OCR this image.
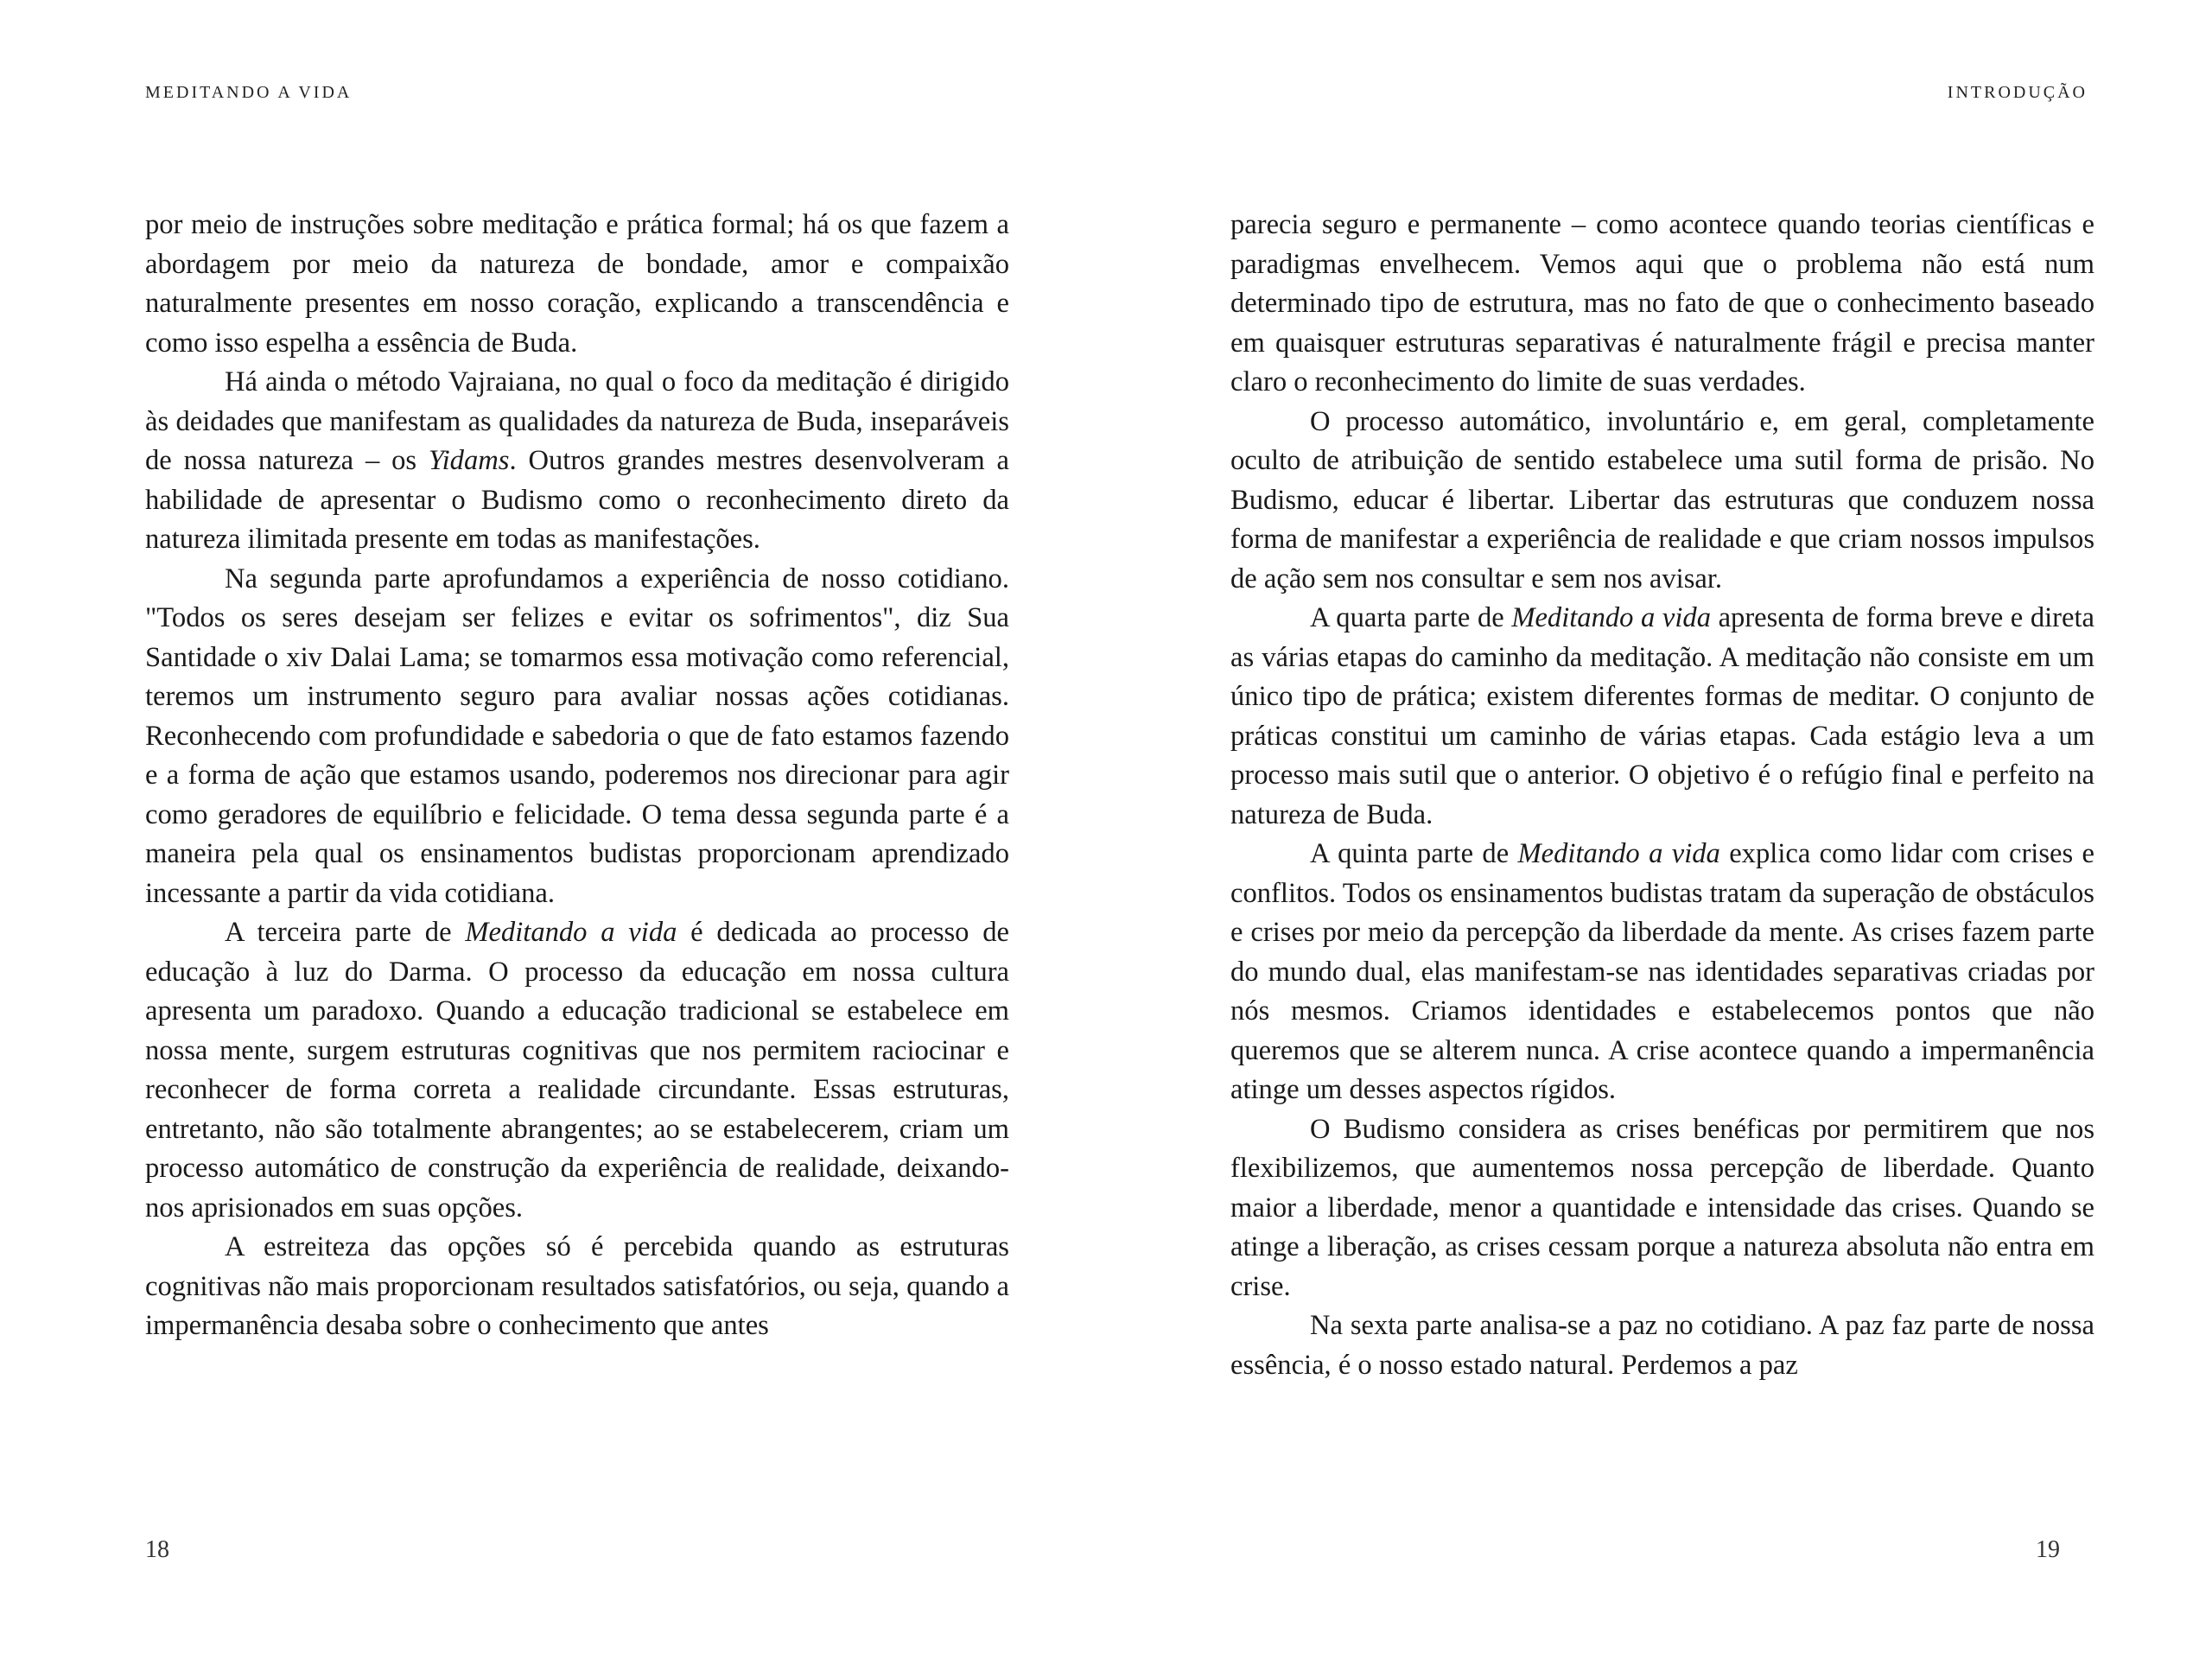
MEDITANDO A VIDA

por meio de instruções sobre meditação e prática formal; há os que fazem a abordagem por meio da natureza de bondade, amor e compaixão naturalmente presentes em nosso coração, explicando a transcendência e como isso espelha a essência de Buda.

Há ainda o método Vajraiana, no qual o foco da meditação é dirigido às deidades que manifestam as qualidades da natureza de Buda, inseparáveis de nossa natureza – os Yidams. Outros grandes mestres desenvolveram a habilidade de apresentar o Budismo como o reconhecimento direto da natureza ilimitada presente em todas as manifestações.

Na segunda parte aprofundamos a experiência de nosso cotidiano. "Todos os seres desejam ser felizes e evitar os sofrimentos", diz Sua Santidade o xiv Dalai Lama; se tomarmos essa motivação como referencial, teremos um instrumento seguro para avaliar nossas ações cotidianas. Reconhecendo com profundidade e sabedoria o que de fato estamos fazendo e a forma de ação que estamos usando, poderemos nos direcionar para agir como geradores de equilíbrio e felicidade. O tema dessa segunda parte é a maneira pela qual os ensinamentos budistas proporcionam aprendizado incessante a partir da vida cotidiana.

A terceira parte de Meditando a vida é dedicada ao processo de educação à luz do Darma. O processo da educação em nossa cultura apresenta um paradoxo. Quando a educação tradicional se estabelece em nossa mente, surgem estruturas cognitivas que nos permitem raciocinar e reconhecer de forma correta a realidade circundante. Essas estruturas, entretanto, não são totalmente abrangentes; ao se estabelecerem, criam um processo automático de construção da experiência de realidade, deixando-nos aprisionados em suas opções.

A estreiteza das opções só é percebida quando as estruturas cognitivas não mais proporcionam resultados satisfatórios, ou seja, quando a impermanência desaba sobre o conhecimento que antes

18
INTRODUÇÃO

parecia seguro e permanente – como acontece quando teorias científicas e paradigmas envelhecem. Vemos aqui que o problema não está num determinado tipo de estrutura, mas no fato de que o conhecimento baseado em quaisquer estruturas separativas é naturalmente frágil e precisa manter claro o reconhecimento do limite de suas verdades.

O processo automático, involuntário e, em geral, completamente oculto de atribuição de sentido estabelece uma sutil forma de prisão. No Budismo, educar é libertar. Libertar das estruturas que conduzem nossa forma de manifestar a experiência de realidade e que criam nossos impulsos de ação sem nos consultar e sem nos avisar.

A quarta parte de Meditando a vida apresenta de forma breve e direta as várias etapas do caminho da meditação. A meditação não consiste em um único tipo de prática; existem diferentes formas de meditar. O conjunto de práticas constitui um caminho de várias etapas. Cada estágio leva a um processo mais sutil que o anterior. O objetivo é o refúgio final e perfeito na natureza de Buda.

A quinta parte de Meditando a vida explica como lidar com crises e conflitos. Todos os ensinamentos budistas tratam da superação de obstáculos e crises por meio da percepção da liberdade da mente. As crises fazem parte do mundo dual, elas manifestam-se nas identidades separativas criadas por nós mesmos. Criamos identidades e estabelecemos pontos que não queremos que se alterem nunca. A crise acontece quando a impermanência atinge um desses aspectos rígidos.

O Budismo considera as crises benéficas por permitirem que nos flexibilizemos, que aumentemos nossa percepção de liberdade. Quanto maior a liberdade, menor a quantidade e intensidade das crises. Quando se atinge a liberação, as crises cessam porque a natureza absoluta não entra em crise.

Na sexta parte analisa-se a paz no cotidiano. A paz faz parte de nossa essência, é o nosso estado natural. Perdemos a paz

19
